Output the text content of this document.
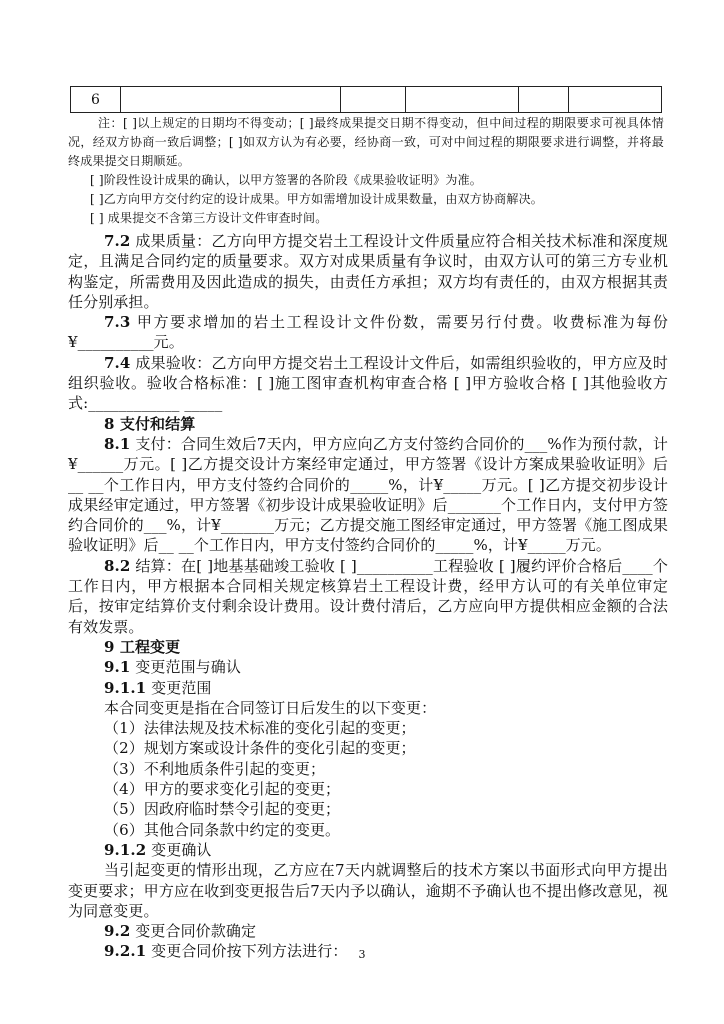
6					

注：[ ]以上规定的日期均不得变动；[ ]最终成果提交日期不得变动，但中间过程的期限要求可视具体情况，经双方协商一致后调整；[ ]如双方认为有必要，经协商一致，可对中间过程的期限要求进行调整，并将最终成果提交日期顺延。

[ ]阶段性设计成果的确认，以甲方签署的各阶段《成果验收证明》为准。

[ ]乙方向甲方交付约定的设计成果。甲方如需增加设计成果数量，由双方协商解决。

[ ] 成果提交不含第三方设计文件审查时间。

7.2 成果质量：乙方向甲方提交岩土工程设计文件质量应符合相关技术标准和深度规定，且满足合同约定的质量要求。双方对成果质量有争议时，由双方认可的第三方专业机构鉴定，所需费用及因此造成的损失，由责任方承担；双方均有责任的，由双方根据其责任分别承担。

7.3 甲方要求增加的岩土工程设计文件份数，需要另行付费。收费标准为每份¥__________元。

7.4 成果验收：乙方向甲方提交岩土工程设计文件后，如需组织验收的，甲方应及时组织验收。验收合格标准：[ ]施工图审查机构审查合格 [ ]甲方验收合格 [ ]其他验收方式:____________ _____

8 支付和结算

8.1 支付：合同生效后7天内，甲方应向乙方支付签约合同价的___%作为预付款，计¥______万元。[ ]乙方提交设计方案经审定通过，甲方签署《设计方案成果验收证明》后__ __个工作日内，甲方支付签约合同价的_____%，计¥_____万元。[ ]乙方提交初步设计成果经审定通过，甲方签署《初步设计成果验收证明》后_______个工作日内，支付甲方签约合同价的___%，计¥_______万元；乙方提交施工图经审定通过，甲方签署《施工图成果验收证明》后__ __个工作日内，甲方支付签约合同价的_____%，计¥_____万元。

8.2 结算：在[ ]地基基础竣工验收 [ ]__________工程验收 [ ]履约评价合格后____个工作日内，甲方根据本合同相关规定核算岩土工程设计费，经甲方认可的有关单位审定后，按审定结算价支付剩余设计费用。设计费付清后，乙方应向甲方提供相应金额的合法有效发票。

9 工程变更

9.1 变更范围与确认

9.1.1 变更范围

本合同变更是指在合同签订日后发生的以下变更：

（1）法律法规及技术标准的变化引起的变更；

（2）规划方案或设计条件的变化引起的变更；

（3）不利地质条件引起的变更；

（4）甲方的要求变化引起的变更；

（5）因政府临时禁令引起的变更；

（6）其他合同条款中约定的变更。

9.1.2 变更确认

当引起变更的情形出现，乙方应在7天内就调整后的技术方案以书面形式向甲方提出变更要求；甲方应在收到变更报告后7天内予以确认，逾期不予确认也不提出修改意见，视为同意变更。

9.2 变更合同价款确定

9.2.1 变更合同价按下列方法进行：	3
